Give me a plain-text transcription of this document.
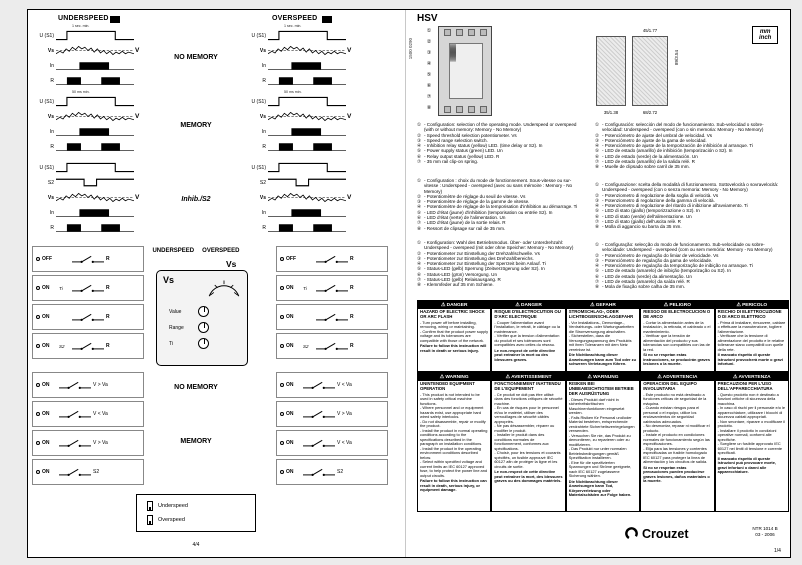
UNDERSPEED	OVERSPEED
1 sec. min.	1 sec. min.
50 ms min.	50 ms min.
U (S1)
Vs	V
In
R
U (S1)
Vs	V
In
R
U (S1)
S2
Vs	V
In
R
U (S1)
Vs	V
In
R
U (S1)
Vs	V
In
R
U (S1)
S2
Vs	V
In
R
NO MEMORY
MEMORY
Inhib./S2
UNDERSPEED OVERSPEED
Vs
Vs
Value
Range
Ti
OFF	R
ON	Ti	R
ON	R
ON	S2	R
OFF	R
ON	Ti	R
ON	R
ON	S2	R
NO MEMORY
MEMORY
ON	V > Va
ON	V < Va
ON	V > Va
ON	S2
ON	V < Va
ON	V > Va
ON	V < Va
ON	S2
Underspeed
Overspeed
4/4
HSV
1500 0290
①
②
③
④
⑤
⑥
⑦
⑧
45/1.77
35/1.38	68/2.72
89/3.54
mm
inch
① - Configuration: selection of the operating mode. Underspeed or overspeed (with or without memory: Memory - No Memory)
② - Speed threshold selection potentiometer. Vs
③ - Speed range selection switch.
④ - Inhibition relay status (yellow) LED. (time delay or S2). In
⑤ - Power supply status (green) LED. Un
⑥ - Relay output status (yellow) LED. R
⑦ - 35 mm rail clip-on spring.
① - Configuration : choix du mode de fonctionnement. Sous-vitesse ou sur-vitesse : Underspeed - overspeed (avec ou sans mémoire : Memory - No Memory)
② - Potentiomètre de réglage du seuil de vitesse. Vs
③ - Potentiomètre de réglage de la gamme de vitesse.
④ - Potentiomètre de réglage de la temporisation d'inhibition au démarrage. Ti
⑤ - LED d'état (jaune) d'inhibition (temporisation ou entrée S2). In
⑥ - LED d'état (verte) de l'alimentation. Un
⑦ - LED d'état (jaune) de la sortie relais. R
⑧ - Ressort de clipsage sur rail de 35 mm.
① - Konfiguration: Wahl des Betriebsmodus. Über- oder Unterdrehzahl: Underspeed - overspeed (mit oder ohne Speicher: Memory - No Memory)
② - Potentiometer zur Einstellung der Drehzahlschwelle. Vs
③ - Potentiometer zur Einstellung des Drehzahlbereichs.
④ - Potentiometer zur Einstellung der Sperrzeit beim Anlauf. Ti
⑤ - Status-LED (gelb) Sperrung (Zeitverzögerung oder S2). In
⑥ - Status-LED (grün) Versorgung. Un
⑦ - Status-LED (gelb) Relaisausgang. R
⑧ - Klemmfeder auf 35 mm Schiene.
① - Configuración: selección del modo de funcionamiento. Sub-velocidad o sobre-velocidad: Underspeed - overspeed (con o sin memoria: Memory - No Memory)
② - Potenciómetro de ajuste del umbral de velocidad. Vs
③ - Potenciómetro de ajuste de la gama de velocidad.
④ - Potenciómetro de ajuste de la temporización de inhibición al arranque. Ti
⑤ - LED de estado (amarillo) de inhibición (temporización o S2). In
⑥ - LED de estado (verde) de la alimentación. Un
⑦ - LED de estado (amarillo) de la salida relé. R
⑧ - Muelle de clipsado sobre carril de 35 mm.
① - Configurazione: scelta della modalità di funzionamento. Sottovelocità o sovravelocità: Underspeed - overspeed (con o senza memoria: Memory - No Memory)
② - Potenziometro di regolazione della soglia di velocità. Vs
③ - Potenziometro di regolazione della gamma di velocità.
④ - Potenziometro di regolazione del ritardo di inibizione all'avviamento. Ti
⑤ - LED di stato (giallo) (temporizzazione o S2). In
⑥ - LED di stato (verde) dell'alimentazione. Un
⑦ - LED di stato (giallo) dell'uscita relè. R
⑧ - Molla di aggancio su barra da 35 mm.
① - Configuração: selecção do modo de funcionamento. Sub-velocidade ou sobre-velocidade: Underspeed - overspeed (com ou sem memória: Memory - No Memory)
② - Potenciómetro de regulação do limiar de velocidade. Vs
③ - Potenciómetro de regulação da gama de velocidade.
④ - Potenciómetro de regulação da temporização de inibição no arranque. Ti
⑤ - LED de estado (amarelo) de inibição (temporização ou S2). In
⑥ - LED de estado (verde) da alimentação. Un
⑦ - LED de estado (amarelo) da saída relé. R
⑧ - Mola de fixação sobre calha de 35 mm.
⚠ DANGER
HAZARD OF ELECTRIC SHOCK OR ARC FLASH
- Turn power off before installing, removing, wiring or maintaining.
- Confirm that the product power supply voltage and its tolerances are compatible with those of the network.
Failure to follow this instruction will result in death or serious injury.
⚠ DANGER
RISQUE D'ELECTROCUTION OU D'ARC ELECTRIQUE
- Couper l'alimentation avant l'installation, le retrait, le câblage ou la maintenance.
- Vérifier que la tension d'alimentation du produit et ses tolérances sont compatibles avec celles du réseau.
Le non-respect de cette directive peut entraîner la mort ou des blessures graves.
⚠ GEFAHR
STROMSCHLAG-, ODER LICHTBOGENSCHLAGGEFAHR
- Vor Installations-, Demontage-, Verdrahtungs- oder Wartungsarbeiten die Stromversorgung abschalten.
- Sicherstellen, dass die Versorgungsspannung des Produkts mit ihren Toleranzen mit dem Netz vereinbar ist.
Die Nichtbeachtung dieser Anweisungen kann zum Tod oder zu schweren Verletzungen führen.
⚠ PELIGRO
RIESGO DE ELECTROCUCION O DE ARCO
- Cortar la alimentación antes de la instalación, la retirada, el cableado o el mantenimiento.
- Verificar que la tensión de alimentación del producto y sus tolerancias son compatibles con las de la red.
Si no se respetan estas instrucciones, se producirán graves lesiones o la muerte.
⚠ PERICOLO
RISCHIO DI ELETTROCUZIONE O DI ARCO ELETTRICO
- Prima di installare, rimuovere, cablare o effettuare la manutenzione, togliere l'alimentazione.
- Verificare che la tensione di alimentazione del prodotto e le relative tolleranze siano compatibili con quelle della rete.
Il mancato rispetto di queste istruzioni provocherà morte o gravi infortuni.
⚠ WARNING
UNINTENDED EQUIPMENT OPERATION
- This product is not intended to be used in safety critical machine functions.
- Where personnel and or equipment hazards exist, use appropriate hard wired safety interlocks.
- Do not disassemble, repair or modify the product.
- Install the product in normal operating conditions according to the specifications described in the paragraph on installation conditions.
- Install the product in the operating environment conditions described below.
- Select within specified voltage and current limits an IEC 60127 approved fuse, to help protect the power line and output circuits.
Failure to follow this instruction can result in death, serious injury, or equipment damage.
⚠ AVERTISSEMENT
FONCTIONNEMENT INATTENDU DE L'EQUIPEMENT
- Ce produit ne doit pas être utilisé dans des fonctions critiques de sécurité machine.
- En cas de risques pour le personnel et/ou le matériel, utiliser des verrouillages de sécurité câblés appropriés.
- Ne pas désassembler, réparer ou modifier le produit.
- Installer le produit dans des conditions normales de fonctionnement, conformes aux spécifications.
- Choisir, pour les tensions et courants spécifiés, un fusible approuvé IEC 60127 afin de protéger la ligne et les circuits de sortie.
Le non-respect de cette directive peut entraîner la mort, des blessures graves ou des dommages matériels.
⚠ WARNUNG
RISIKEN BEI UNBEABSICHTIGTEM BETRIEB DER AUSRÜSTUNG
- Dieses Produkt darf nicht in sicherheitskritischen Maschinenfunktionen eingesetzt werden.
- Falls Risiken für Personal und/oder Material bestehen, entsprechende verdrahtete Sicherheitsverriegelungen verwenden.
- Versuchen Sie nie, das Produkt zu demontieren, zu reparieren oder zu modifizieren.
- Das Produkt nur unter normalen Betriebsbedingungen gemäß Spezifikation installieren.
- Eine für die spezifizierten Spannungen und Ströme geeignete, nach IEC 60127 zugelassene Sicherung wählen.
Die Nichtbeachtung dieser Anweisungen kann Tod, Körperverletzung oder Materialschäden zur Folge haben.
⚠ ADVERTENCIA
OPERACION DEL EQUIPO INVOLUNTARIA
- Este producto no está destinado a funciones críticas de seguridad de la máquina.
- Cuando existan riesgos para el personal o el equipo, utilice los enclavamientos de seguridad cableados adecuados.
- No desmontar, reparar ni modificar el producto.
- Instale el producto en condiciones normales de funcionamiento según las especificaciones.
- Elija para las tensiones y corrientes especificadas un fusible homologado IEC 60127 para proteger la línea de alimentación y los circuitos de salida.
Si no se respetan estas precauciones pueden producirse graves lesiones, daños materiales o la muerte.
⚠ AVVERTENZA
PRECAUZIONI PER L'USO DELL'APPARECCHIATURA
- Questo prodotto non è destinato a funzioni critiche di sicurezza della macchina.
- In caso di rischi per il personale e/o le apparecchiature, utilizzare i blocchi di sicurezza cablati appropriati.
- Non smontare, riparare o modificare il prodotto.
- Installare il prodotto in condizioni operative normali, conformi alle specifiche.
- Scegliere un fusibile approvato IEC 60127 nei limiti di tensione e corrente specificati.
Il mancato rispetto di queste istruzioni può provocare morte, gravi infortuni o danni alle apparecchiature.
Crouzet	NTR 1014 B
03 - 2006
1/4
